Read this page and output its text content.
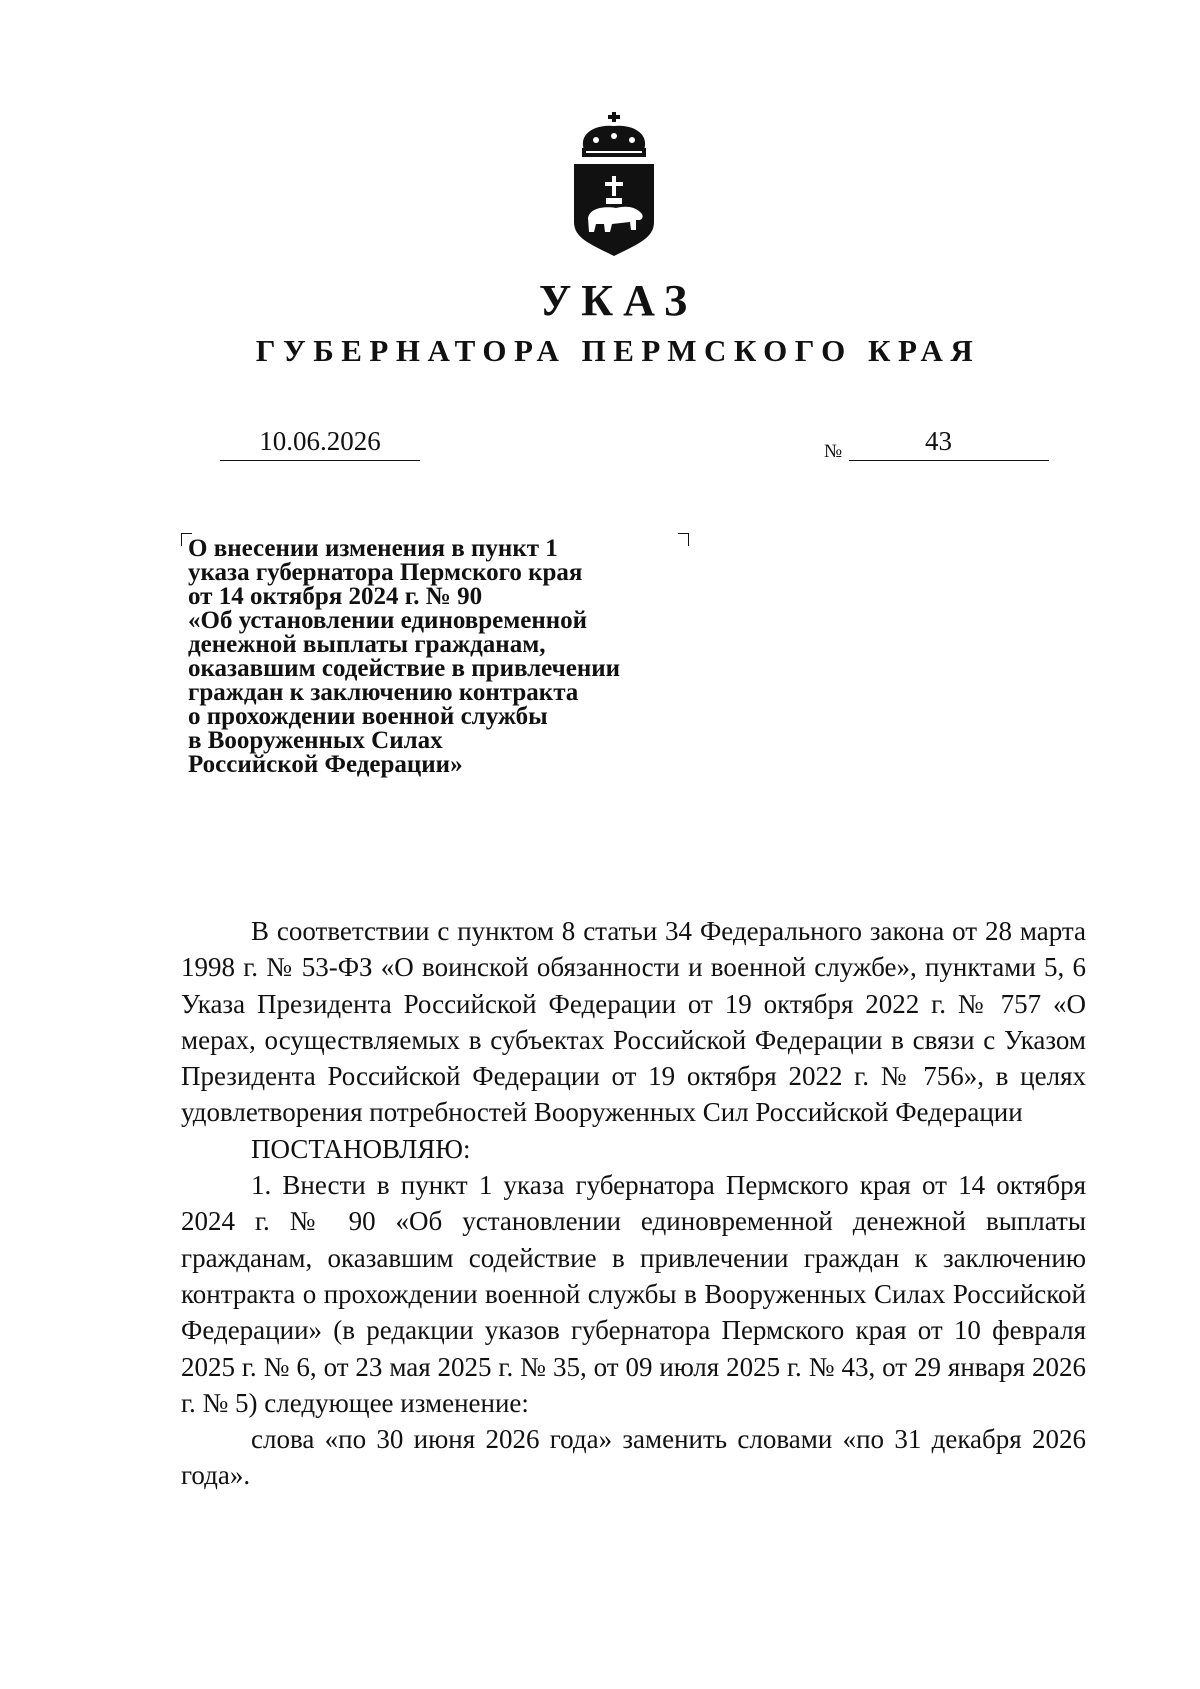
УКАЗ
ГУБЕРНАТОРА ПЕРМСКОГО КРАЯ
10.06.2026	№	43
О внесении изменения в пункт 1
указа губернатора Пермского края
от 14 октября 2024 г. № 90
«Об установлении единовременной
денежной выплаты гражданам,
оказавшим содействие в привлечении
граждан к заключению контракта
о прохождении военной службы
в Вооруженных Силах
Российской Федерации»

В соответствии с пунктом 8 статьи 34 Федерального закона от 28 марта 1998 г. № 53-ФЗ «О воинской обязанности и военной службе», пунктами 5, 6 Указа Президента Российской Федерации от 19 октября 2022 г. № 757 «О мерах, осуществляемых в субъектах Российской Федерации в связи с Указом Президента Российской Федерации от 19 октября 2022 г. № 756», в целях удовлетворения потребностей Вооруженных Сил Российской Федерации

ПОСТАНОВЛЯЮ:

1. Внести в пункт 1 указа губернатора Пермского края от 14 октября 2024 г. № 90 «Об установлении единовременной денежной выплаты гражданам, оказавшим содействие в привлечении граждан к заключению контракта о прохождении военной службы в Вооруженных Силах Российской Федерации» (в редакции указов губернатора Пермского края от 10 февраля 2025 г. № 6, от 23 мая 2025 г. № 35, от 09 июля 2025 г. № 43, от 29 января 2026 г. № 5) следующее изменение:

слова «по 30 июня 2026 года» заменить словами «по 31 декабря 2026 года».
